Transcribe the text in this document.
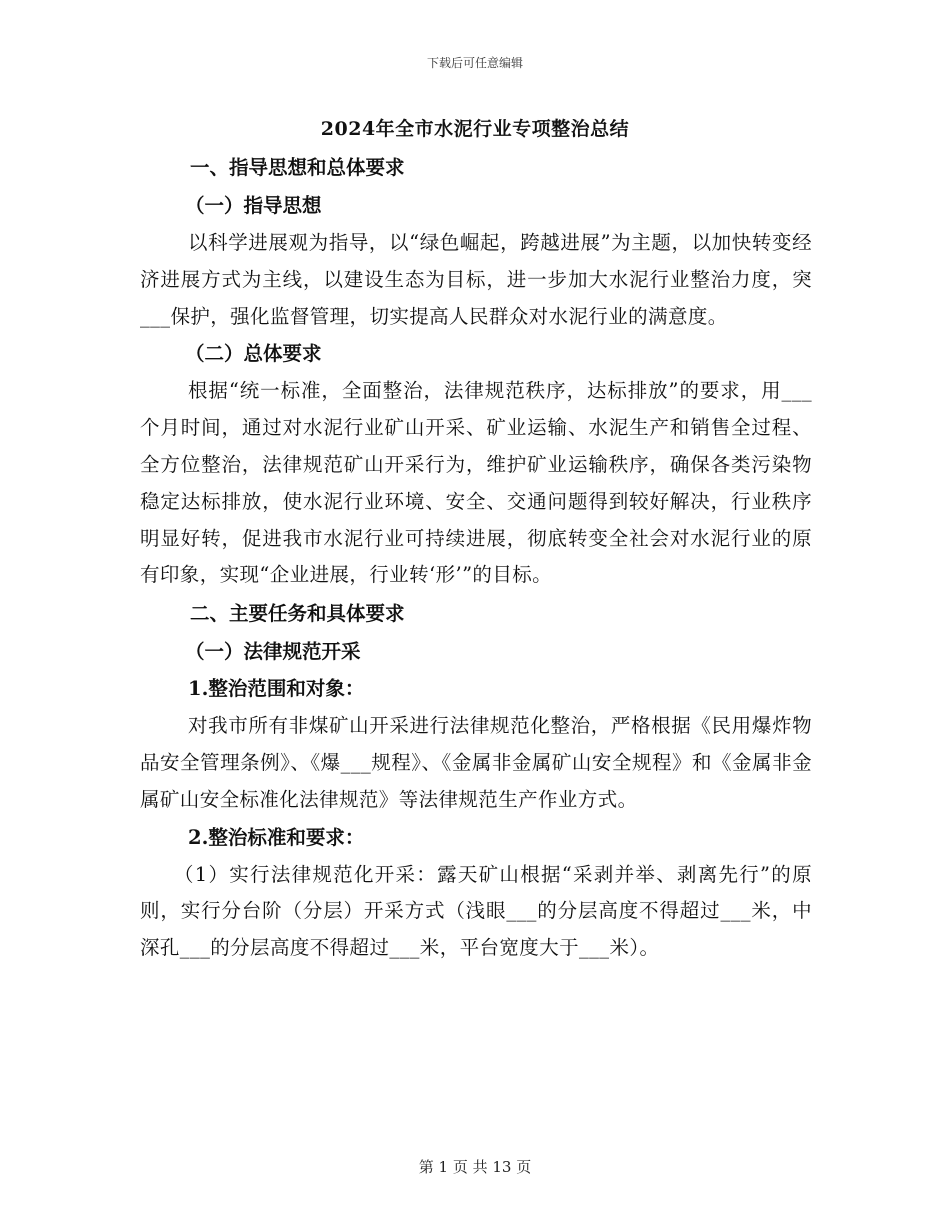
下载后可任意编辑
2024年全市水泥行业专项整治总结
一、指导思想和总体要求
（一）指导思想

以科学进展观为指导，以“绿色崛起，跨越进展”为主题，以加快转变经济进展方式为主线，以建设生态为目标，进一步加大水泥行业整治力度，突___保护，强化监督管理，切实提高人民群众对水泥行业的满意度。

（二）总体要求

根据“统一标准，全面整治，法律规范秩序，达标排放”的要求，用___个月时间，通过对水泥行业矿山开采、矿业运输、水泥生产和销售全过程、全方位整治，法律规范矿山开采行为，维护矿业运输秩序，确保各类污染物稳定达标排放，使水泥行业环境、安全、交通问题得到较好解决，行业秩序明显好转，促进我市水泥行业可持续进展，彻底转变全社会对水泥行业的原有印象，实现“企业进展，行业转‘形’”的目标。

二、主要任务和具体要求
（一）法律规范开采
1.整治范围和对象：

对我市所有非煤矿山开采进行法律规范化整治，严格根据《民用爆炸物品安全管理条例》、《爆___规程》、《金属非金属矿山安全规程》和《金属非金属矿山安全标准化法律规范》等法律规范生产作业方式。

2.整治标准和要求：

（1）实行法律规范化开采：露天矿山根据“采剥并举、剥离先行”的原则，实行分台阶（分层）开采方式（浅眼___的分层高度不得超过___米，中深孔___的分层高度不得超过___米，平台宽度大于___米）。

第 1 页 共 13 页
